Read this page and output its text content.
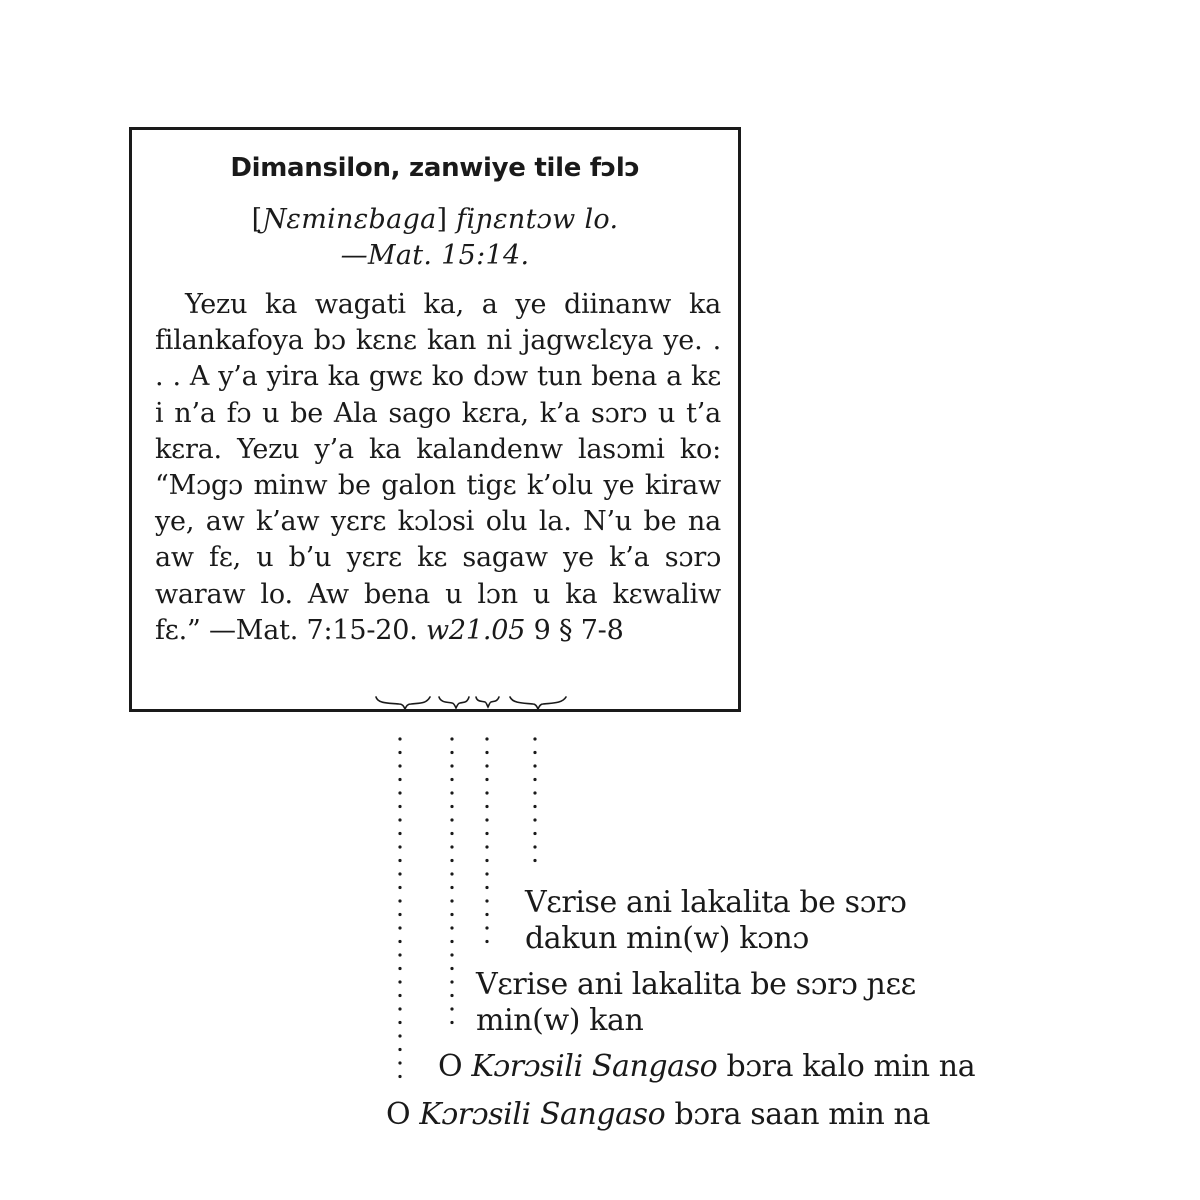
Dimansilon, zanwiye tile fɔlɔ
[Ɲɛminɛbaga] fiɲɛntɔw lo.
—Mat. 15:14.
Yezu ka wagati ka, a ye diinanw ka filankafoya bɔ kɛnɛ kan ni jagwɛlɛya ye. . . . A y’a yira ka gwɛ ko dɔw tun bena a kɛ i n’a fɔ u be Ala sago kɛra, k’a sɔrɔ u t’a kɛra. Yezu y’a ka kalandenw lasɔmi ko: “Mɔgɔ minw be galon tigɛ k’olu ye kiraw ye, aw k’aw yɛrɛ kɔlɔsi olu la. N’u be na aw fɛ, u b’u yɛrɛ kɛ sagaw ye k’a sɔrɔ waraw lo. Aw bena u lɔn u ka kɛwaliw fɛ.” —Mat. 7:15-20. w21.05 9 § 7-8
Vɛrise ani lakalita be sɔrɔ
dakun min(w) kɔnɔ
Vɛrise ani lakalita be sɔrɔ ɲɛɛ
min(w) kan
O Kɔrɔsili Sangaso bɔra kalo min na
O Kɔrɔsili Sangaso bɔra saan min na
